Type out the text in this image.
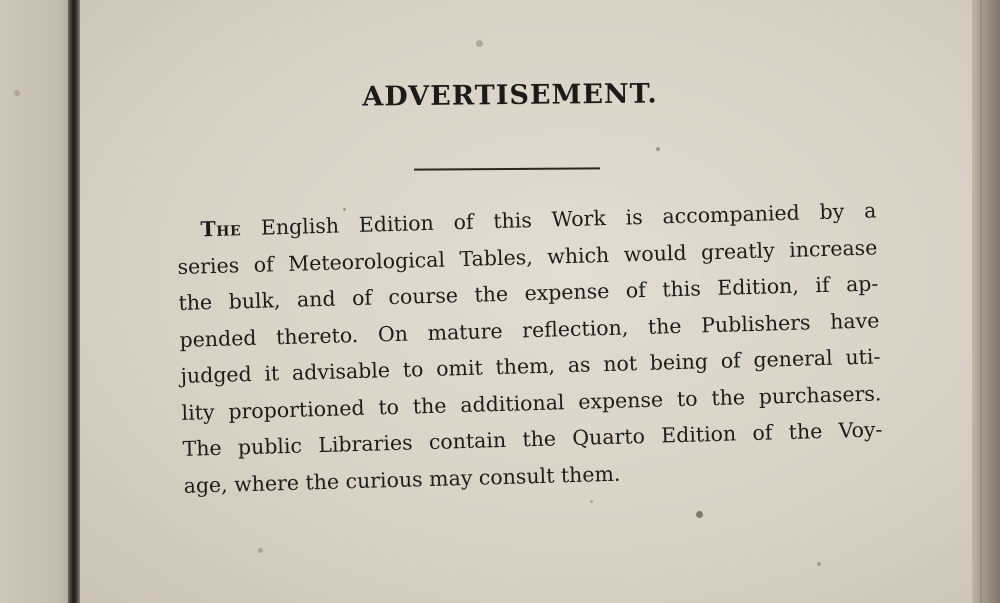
ADVERTISEMENT.
The English Edition of this Work is accompanied by a
series of Meteorological Tables, which would greatly increase
the bulk, and of course the expense of this Edition, if ap-
pended thereto. On mature reflection, the Publishers have
judged it advisable to omit them, as not being of general uti-
lity proportioned to the additional expense to the purchasers.
The public Libraries contain the Quarto Edition of the Voy-
age, where the curious may consult them.
